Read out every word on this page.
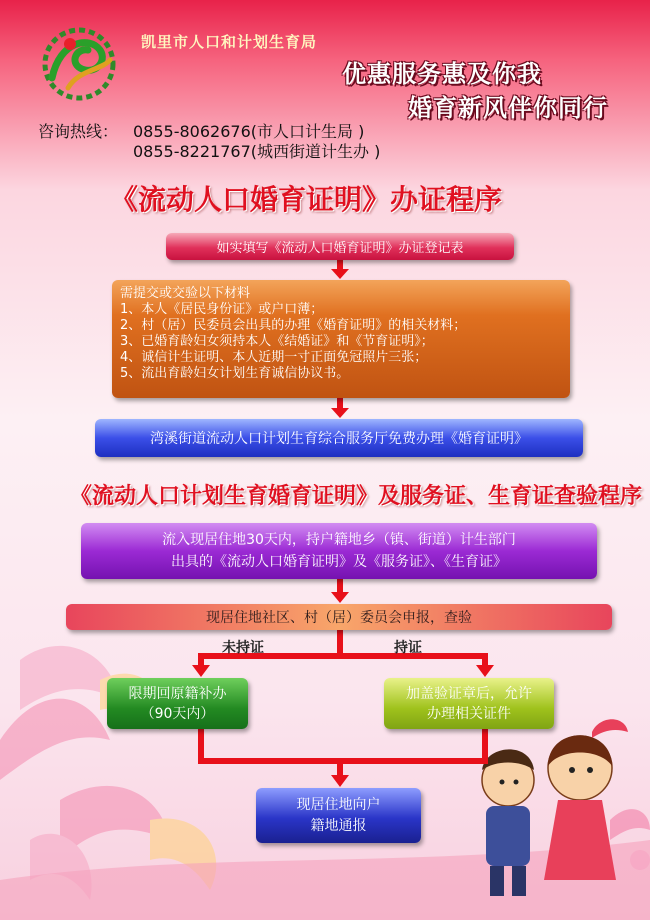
凯里市人口和计划生育局
优惠服务惠及你我
婚育新风伴你同行
咨询热线： 0855-8062676(市人口计生局 )
0855-8221767(城西街道计生办 )
《流动人口婚育证明》办证程序
如实填写《流动人口婚育证明》办证登记表
需提交或交验以下材料
1、本人《居民身份证》或户口薄；
2、村（居）民委员会出具的办理《婚育证明》的相关材料；
3、已婚育龄妇女须持本人《结婚证》和《节育证明》；
4、诚信计生证明、本人近期一寸正面免冠照片三张；
5、流出育龄妇女计划生育诚信协议书。
湾溪街道流动人口计划生育综合服务厅免费办理《婚育证明》
《流动人口计划生育婚育证明》及服务证、生育证查验程序
流入现居住地30天内，持户籍地乡（镇、街道）计生部门
出具的《流动人口婚育证明》及《服务证》、《生育证》
现居住地社区、村（居）委员会申报，查验
未持证	持证
限期回原籍补办
（90天内）
加盖验证章后，允许
办理相关证件
现居住地向户
籍地通报
